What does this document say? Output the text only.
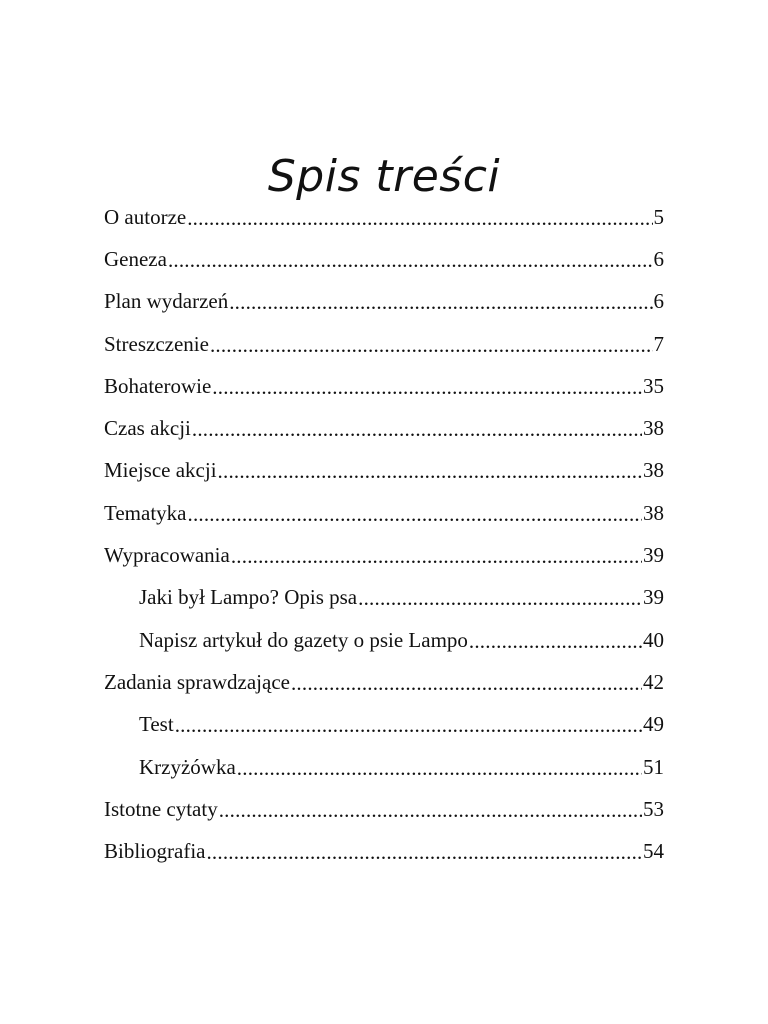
Spis treści
O autorze .....	5
Geneza .....	6
Plan wydarzeń .....	6
Streszczenie .....	7
Bohaterowie .....	35
Czas akcji .....	38
Miejsce akcji .....	38
Tematyka .....	38
Wypracowania .....	39
Jaki był Lampo? Opis psa .....	39
Napisz artykuł do gazety o psie Lampo .....	40
Zadania sprawdzające .....	42
Test .....	49
Krzyżówka .....	51
Istotne cytaty .....	53
Bibliografia .....	54
